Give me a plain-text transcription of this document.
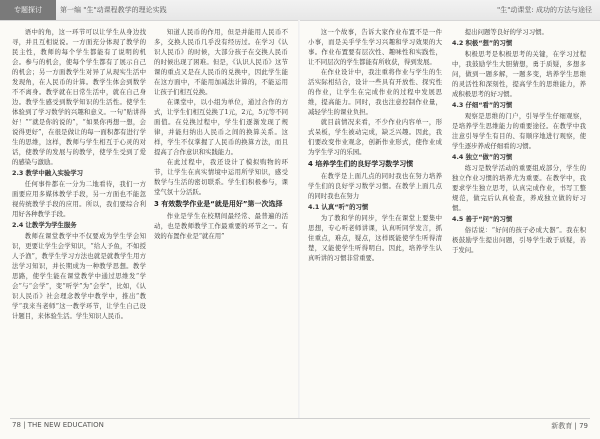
专题探讨	第一编 "生"动课程教学的理论实践	"生"动课堂: 成功的方法与途径

语中的角，这一环节可以让学生从身边找寻，并且互相说说。一方面充分体现了教学的民主性，教师的每个学生都能有了说明的机会。参与的机会，使每个学生都有了展示自己的机会；另一方面教学生对异了从现实生活中发现角，在人民币的计算。教学生体会到数学不不离身。教学就在日常生活中，就在自己身边。教学生感受到数学知识的生活性。使学生体验到了学习数学的兴趣和意义。一句“贴讲得好！”“就是你的说的”，“如果你再想一想，会说得更好”，在很是做让的每一面积都有进行学生的思维，这样，教师与学生相互于心灵的对话，使教学的发展与的教学，使学生受到了爱的感染与激励。

2.3 教学中融入实验学习

任何事件都在一分为二地看待，我们一方面要应用多媒体教学手段，另一方面也不能忽视传统教学手段的应用。所以，我们要综合利用好各种教学手段。

2.4 让教学为学生服务

教师在课堂教学中不仅要成为学生学会知识，更要让学生会学知识，“给人予鱼，不如授人予渔”，教学生学习方法也就是就教学生用方法学习知识，并长期成为一种教学思想。教学思路，使学生能在课堂教学中通过思维发“学会”与“会学”，变“听学”为“会学”，比如，《认识人民币》社会理念教学中教学中，推出“教学“我来当老师”这一教学环节，让学生自己设计题目，来体验生活。学生知识人民币。

知道人民币的作用，但是并能用人民币不多，交换人民币几乎没有经历过。在学习《认识人民币》的时候，大部分孩子在交换人民币的时候出现了困难。但是，《认识人民币》这节课的重点又是在人民币的兑换中，因此学生能在这方面中，不能用加减法计算的，不能运用让孩子们相互兑换。

在课堂中，以小组为单位，通过合作的方式，让学生们相互兑换了1元，2元，5元等不同面值。在兑换过程中，学生们逐渐发现了规律，并能归纳出人民币之间的换算关系。这样，学生不仅掌握了人民币的换算方法，而且提高了合作意识和实践能力。

在此过程中，我还设计了模拟购物的环节，让学生在真实情境中运用所学知识，感受数学与生活的密切联系。学生们积极参与，课堂气氛十分活跃。

3 有效数学作业是“就是用好”第一次选择

作业是学生在校期间最经常、最普遍的活动，也是教师教学工作最重要的环节之一。有效的布置作业是“就在用”

这一个故事，告诉大家作业布置不是一件小事，而是关乎学生学习兴趣和学习效果的大事。作业布置要有层次性、趣味性和实践性，让不同层次的学生都能有所收获，得到发展。

在作业设计中，我注重将作业与学生的生活实际相结合，设计一些具有开放性、探究性的作业，让学生在完成作业的过程中发展思维，提高能力。同时，我也注意控制作业量，减轻学生的课业负担。

就目前情况来看，不少作业内容单一，形式呆板，学生被动完成，缺乏兴趣。因此，我们要改变作业观念，创新作业形式，使作业成为学生学习的乐园。

4 培养学生们的良好学习数学习惯

在教学是上面几点的同时我也在努力培养学生们的良好学习数学习惯。在教学上面几点的同时我也在努力

4.1 认真“听”的习惯

为了教和学的同步，学生在课堂上要集中思想，专心听老师讲课，认真听同学发言，抓住重点，难点，疑点，这样既能使学生听得清楚，又能使学生听得明白。因此，培养学生认真听讲的习惯非常重要。

提出问题等良好的学习习惯。

4.2 积极“想”的习惯

积极思考是积极思考的关键，在学习过程中，我鼓励学生大胆猜想，勇于质疑，多想多问，做到一题多解，一题多变，培养学生思维的灵活性和深刻性，提高学生的思维能力，养成积极思考的好习惯。

4.3 仔细“看”的习惯

观察是思维的门户，引导学生仔细观察，是培养学生思维能力的重要途径。在教学中我注意引导学生有目的、有顺序地进行观察，使学生逐步养成仔细看的习惯。

4.4 独立“做”的习惯

练习是数学活动的重要组成部分，学生的独立作业习惯的培养尤为重要。在教学中，我要求学生独立思考，认真完成作业，书写工整规范，做完后认真检查，养成独立做的好习惯。

4.5 善于“问”的习惯

俗话说：“好问的孩子必成大器”。我在积极鼓励学生提出问题，引导学生敢于质疑，善于发问。

78 | THE NEW EDUCATION	新教育 | 79
